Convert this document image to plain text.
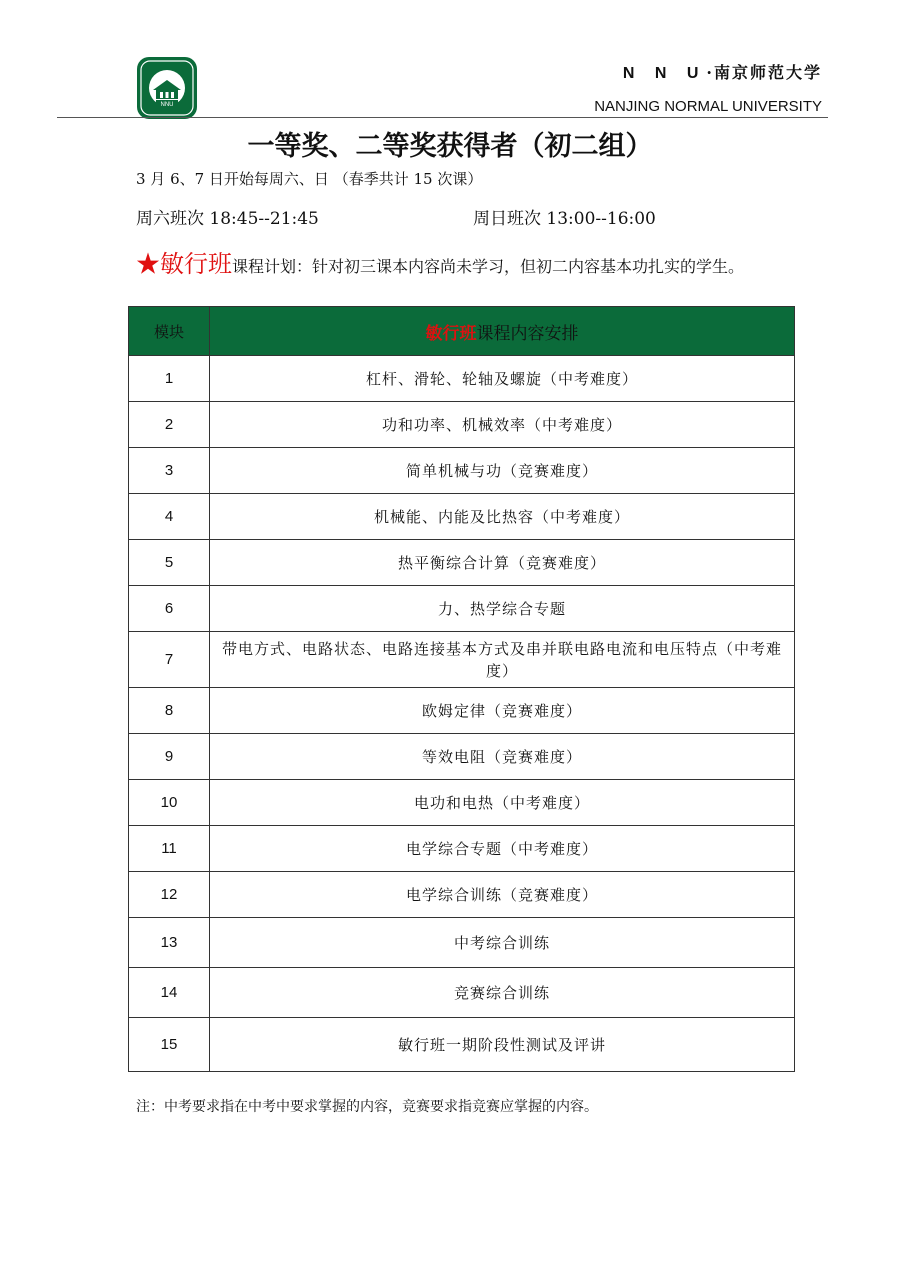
NNU
N N U·南京师范大学
NANJING NORMAL UNIVERSITY
一等奖、二等奖获得者（初二组）
3 月 6、7 日开始每周六、日 （春季共计 15 次课）
周六班次 18:45--21:45	周日班次 13:00--16:00
★敏行班课程计划：针对初三课本内容尚未学习，但初二内容基本功扎实的学生。
模块	敏行班课程内容安排
1	杠杆、滑轮、轮轴及螺旋（中考难度）
2	功和功率、机械效率（中考难度）
3	简单机械与功（竞赛难度）
4	机械能、内能及比热容（中考难度）
5	热平衡综合计算（竞赛难度）
6	力、热学综合专题
7	带电方式、电路状态、电路连接基本方式及串并联电路电流和电压特点（中考难度）
8	欧姆定律（竞赛难度）
9	等效电阻（竞赛难度）
10	电功和电热（中考难度）
11	电学综合专题（中考难度）
12	电学综合训练（竞赛难度）
13	中考综合训练
14	竞赛综合训练
15	敏行班一期阶段性测试及评讲
注：中考要求指在中考中要求掌握的内容，竞赛要求指竞赛应掌握的内容。
